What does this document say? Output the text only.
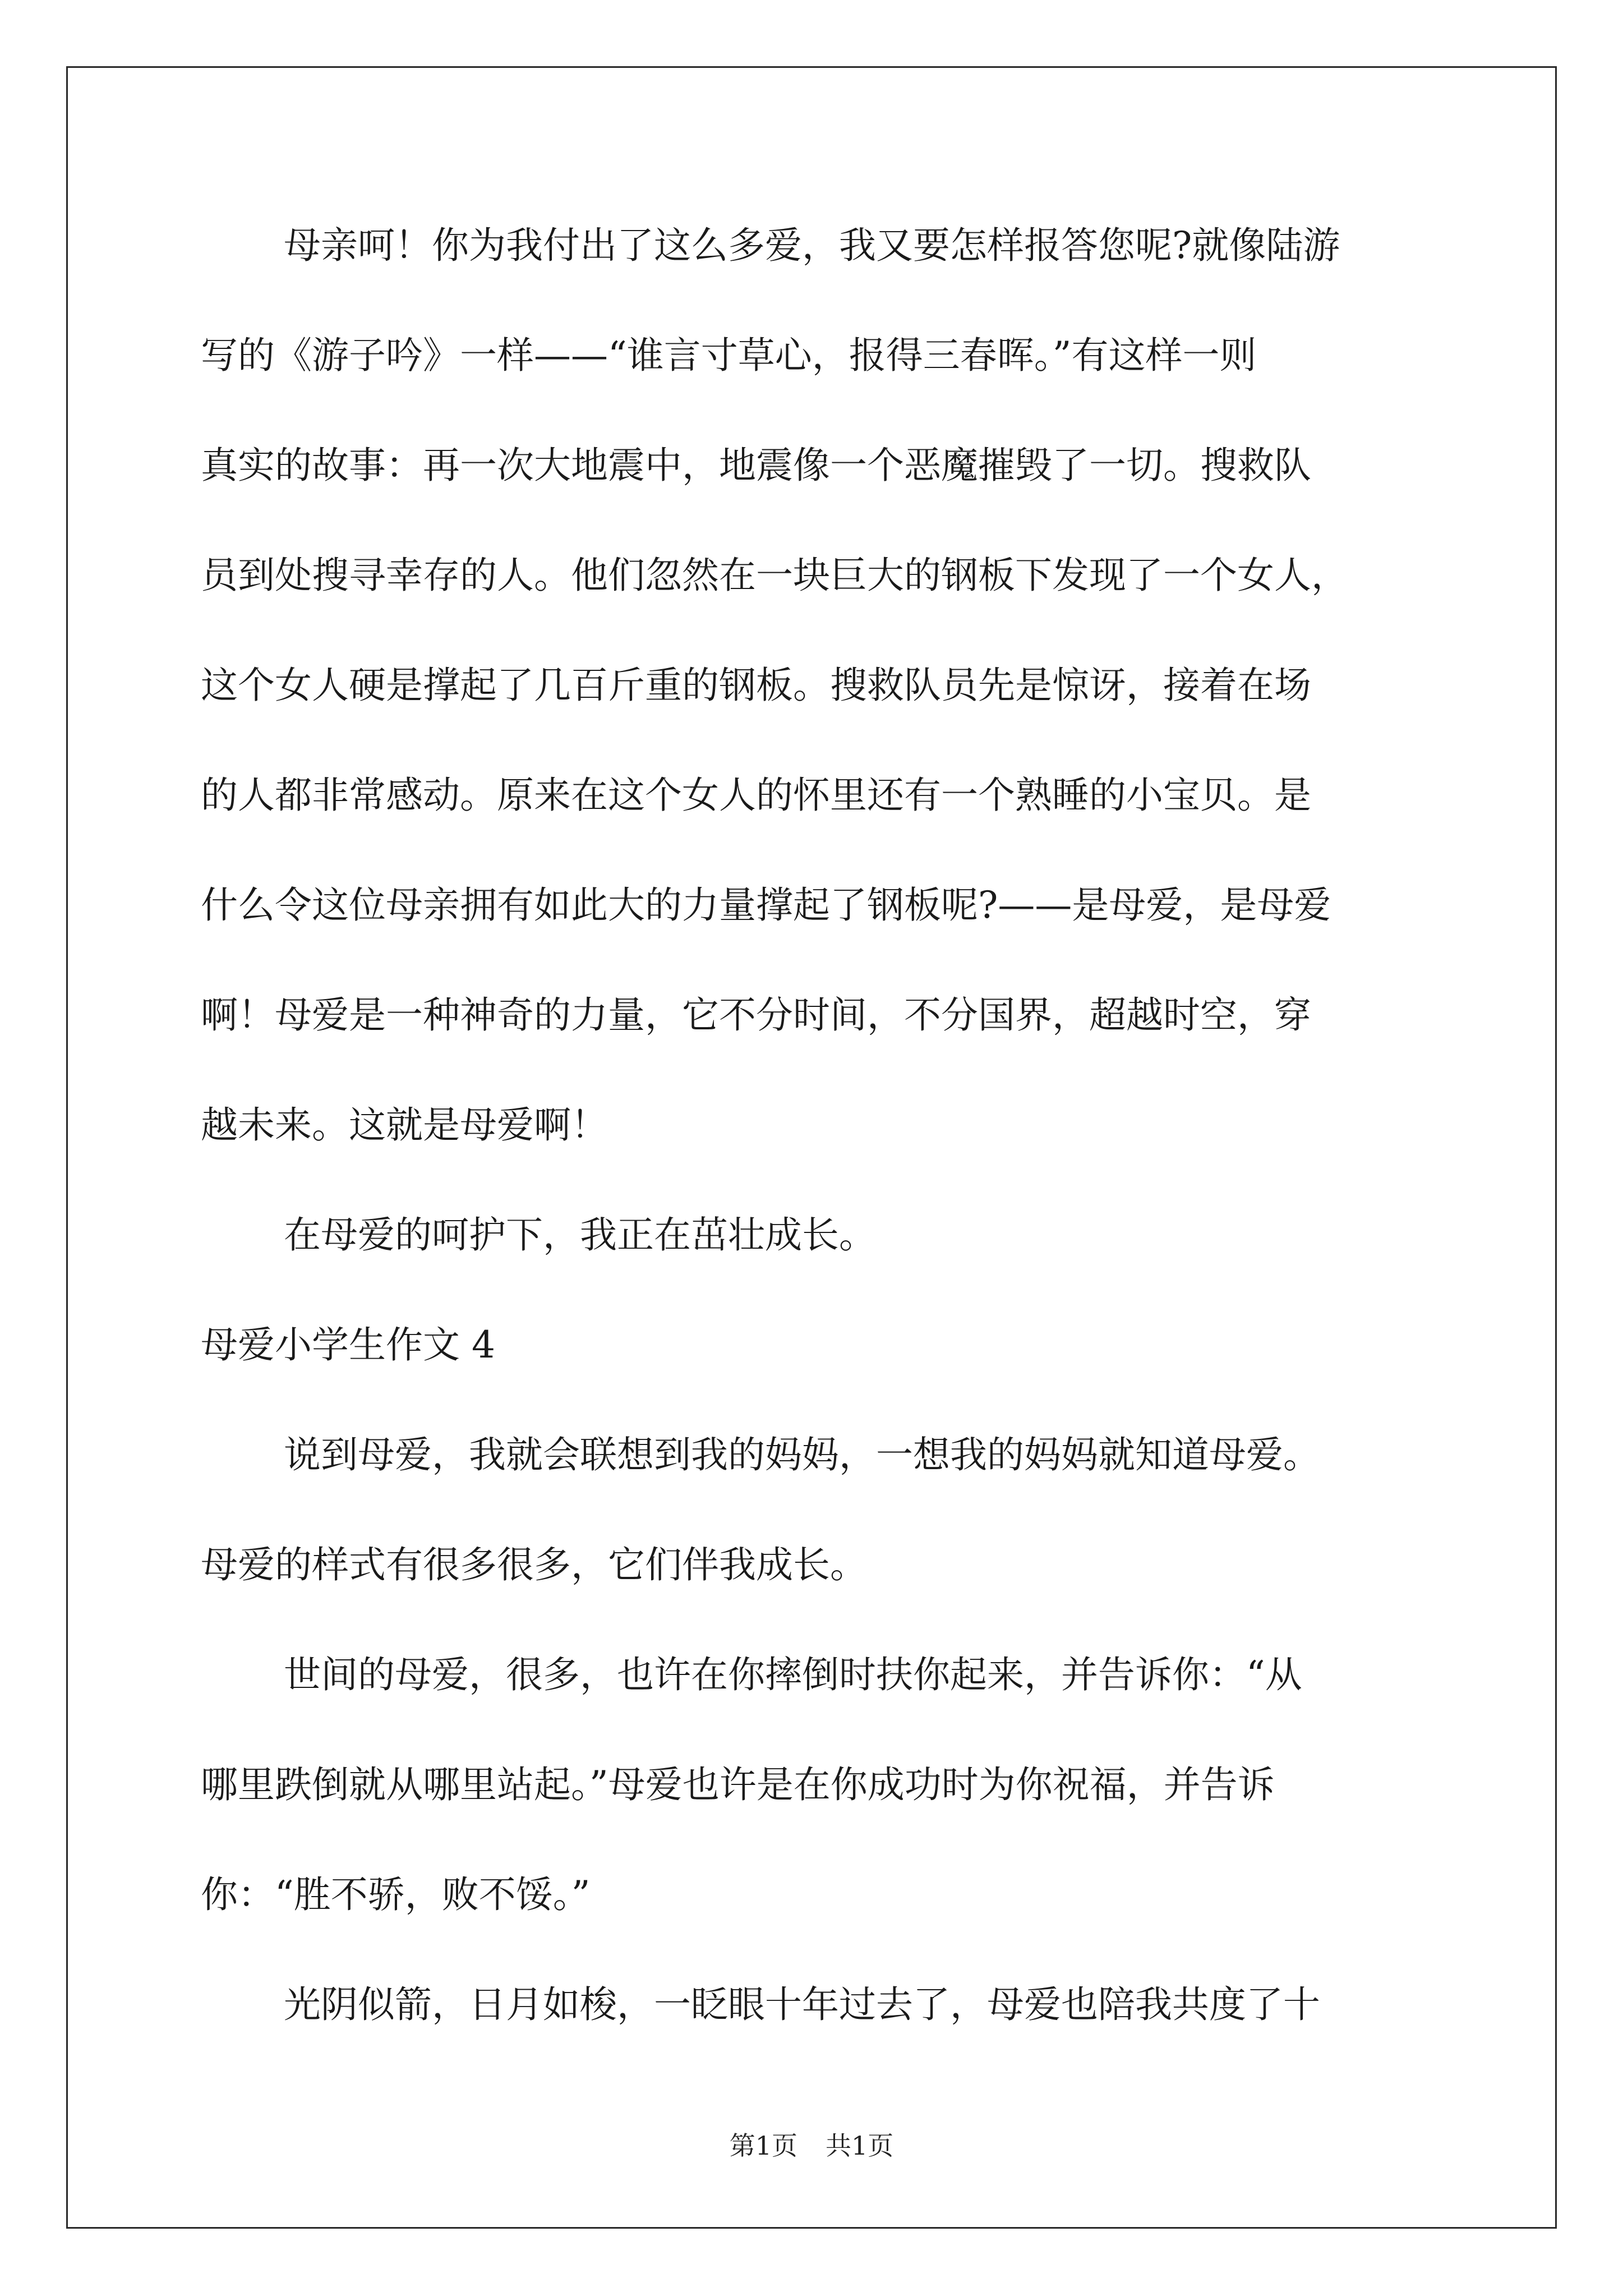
母亲呵！你为我付出了这么多爱，我又要怎样报答您呢?就像陆游
写的《游子吟》一样——“谁言寸草心，报得三春晖。”有这样一则
真实的故事：再一次大地震中，地震像一个恶魔摧毁了一切。搜救队
员到处搜寻幸存的人。他们忽然在一块巨大的钢板下发现了一个女人，
这个女人硬是撑起了几百斤重的钢板。搜救队员先是惊讶，接着在场
的人都非常感动。原来在这个女人的怀里还有一个熟睡的小宝贝。是
什么令这位母亲拥有如此大的力量撑起了钢板呢?——是母爱，是母爱
啊！母爱是一种神奇的力量，它不分时间，不分国界，超越时空，穿
越未来。这就是母爱啊！
在母爱的呵护下，我正在茁壮成长。
母爱小学生作文 4
说到母爱，我就会联想到我的妈妈，一想我的妈妈就知道母爱。
母爱的样式有很多很多，它们伴我成长。
世间的母爱，很多，也许在你摔倒时扶你起来，并告诉你：“从
哪里跌倒就从哪里站起。”母爱也许是在你成功时为你祝福，并告诉
你：“胜不骄，败不馁。”
光阴似箭，日月如梭，一眨眼十年过去了，母爱也陪我共度了十
第1页 共1页
